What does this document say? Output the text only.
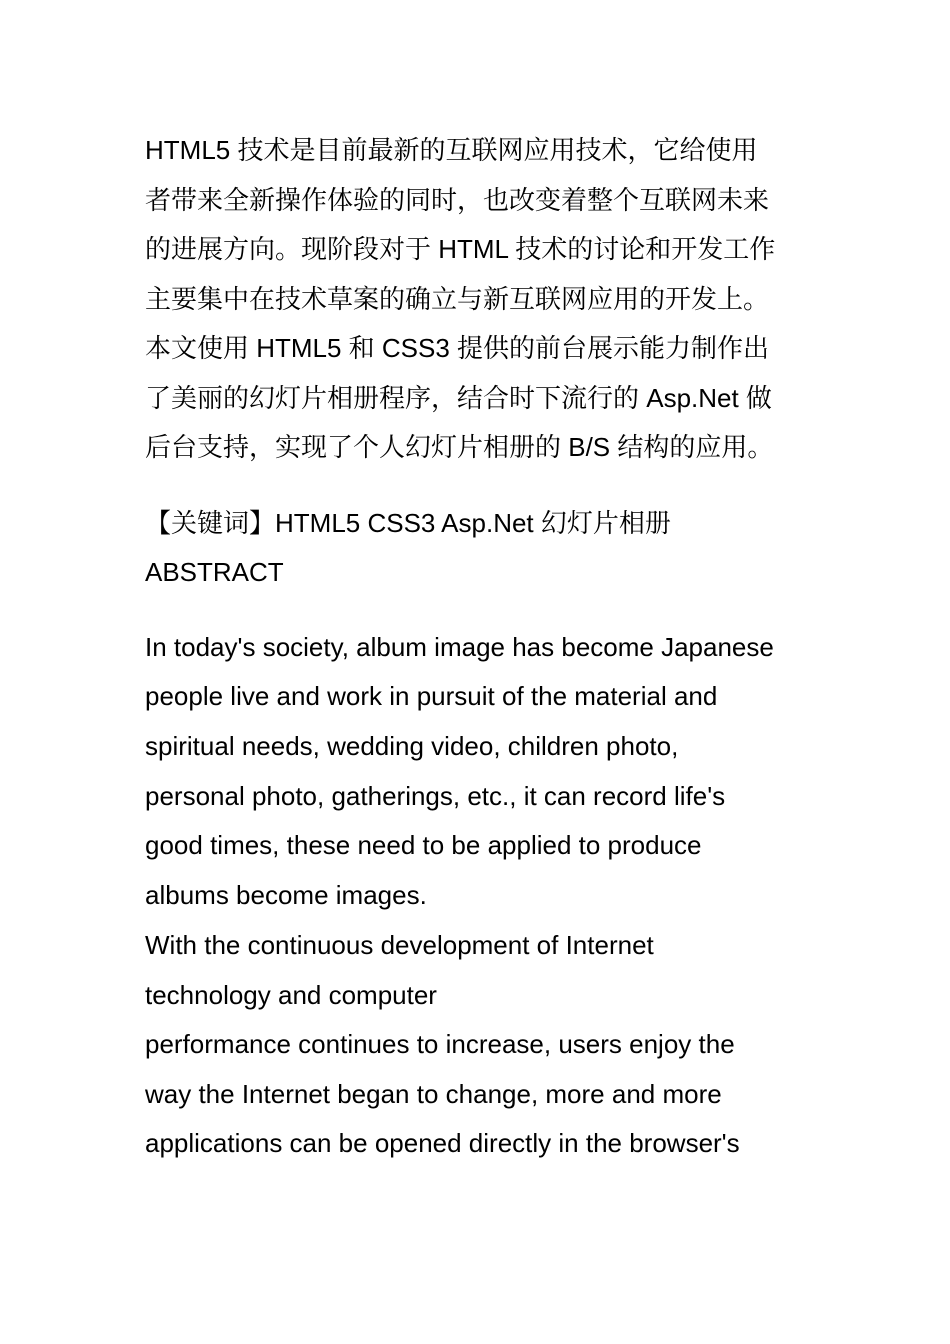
HTML5 技术是目前最新的互联网应用技术，它给使用
者带来全新操作体验的同时，也改变着整个互联网未来
的进展方向。现阶段对于 HTML 技术的讨论和开发工作
主要集中在技术草案的确立与新互联网应用的开发上。
本文使用 HTML5 和 CSS3 提供的前台展示能力制作出
了美丽的幻灯片相册程序，结合时下流行的 Asp.Net 做
后台支持，实现了个人幻灯片相册的 B/S 结构的应用。
【关键词】HTML5 CSS3 Asp.Net 幻灯片相册
ABSTRACT
In today's society, album image has become Japanese
people live and work in pursuit of the material and
spiritual needs, wedding video, children photo,
personal photo, gatherings, etc., it can record life's
good times, these need to be applied to produce
albums become images.
With the continuous development of Internet
technology and computer
performance continues to increase, users enjoy the
way the Internet began to change, more and more
applications can be opened directly in the browser's
